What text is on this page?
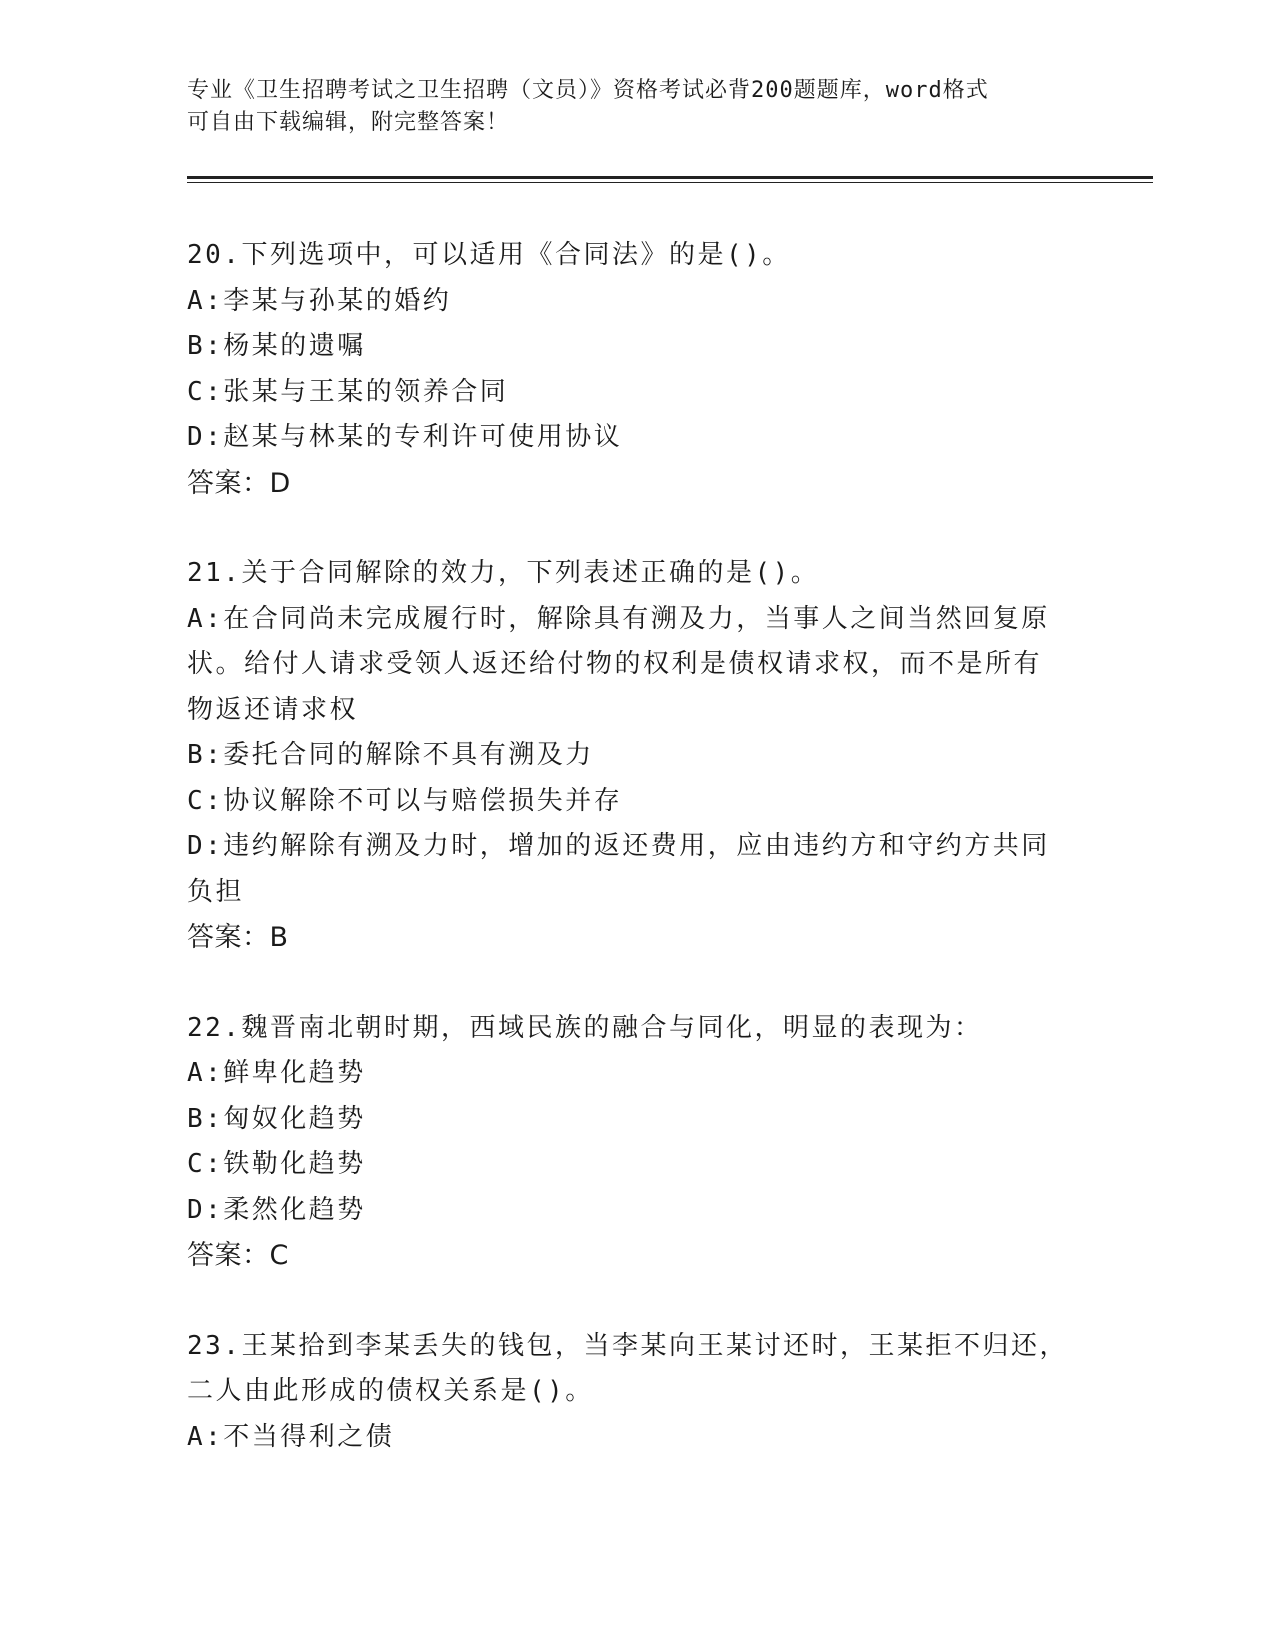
专业《卫生招聘考试之卫生招聘（文员）》资格考试必背200题题库，word格式
可自由下载编辑，附完整答案！
20.下列选项中，可以适用《合同法》的是()。
A:李某与孙某的婚约
B:杨某的遗嘱
C:张某与王某的领养合同
D:赵某与林某的专利许可使用协议
答案：D
21.关于合同解除的效力，下列表述正确的是()。
A:在合同尚未完成履行时，解除具有溯及力，当事人之间当然回复原
状。给付人请求受领人返还给付物的权利是债权请求权，而不是所有
物返还请求权
B:委托合同的解除不具有溯及力
C:协议解除不可以与赔偿损失并存
D:违约解除有溯及力时，增加的返还费用，应由违约方和守约方共同
负担
答案：B
22.魏晋南北朝时期，西域民族的融合与同化，明显的表现为：
A:鲜卑化趋势
B:匈奴化趋势
C:铁勒化趋势
D:柔然化趋势
答案：C
23.王某拾到李某丢失的钱包，当李某向王某讨还时，王某拒不归还，
二人由此形成的债权关系是()。
A:不当得利之债
